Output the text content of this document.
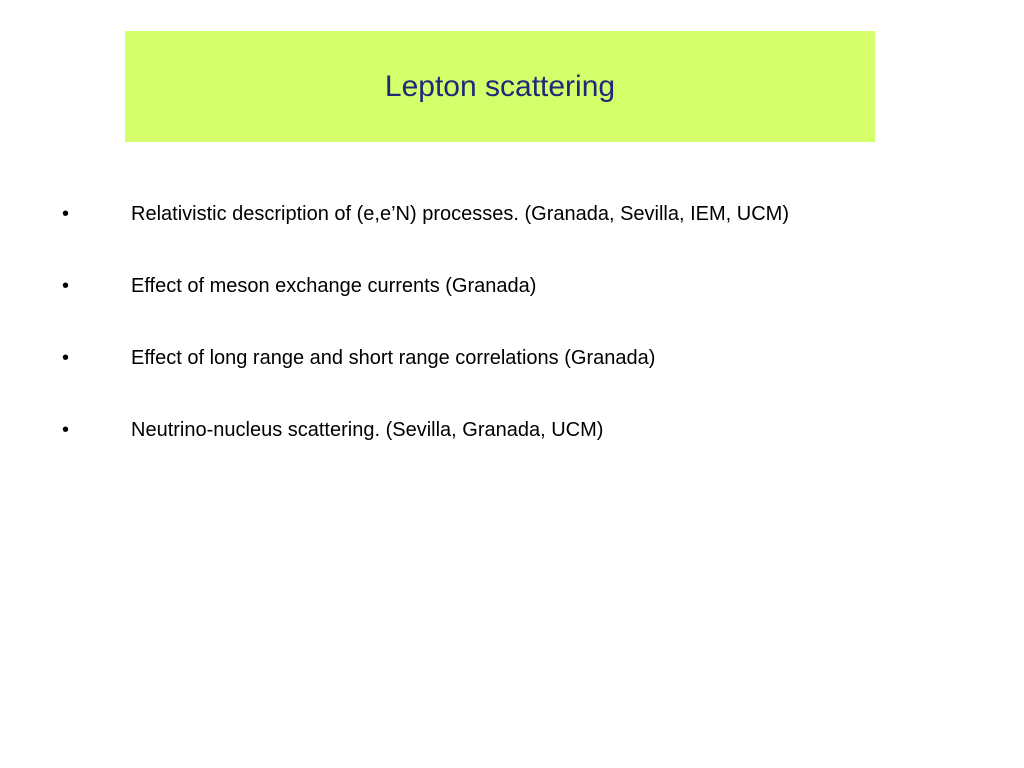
Lepton scattering
•	Relativistic description of (e,e’N) processes. (Granada, Sevilla, IEM, UCM)
•	Effect of meson exchange currents (Granada)
•	Effect of long range and short range correlations (Granada)
•	Neutrino-nucleus scattering. (Sevilla, Granada, UCM)
